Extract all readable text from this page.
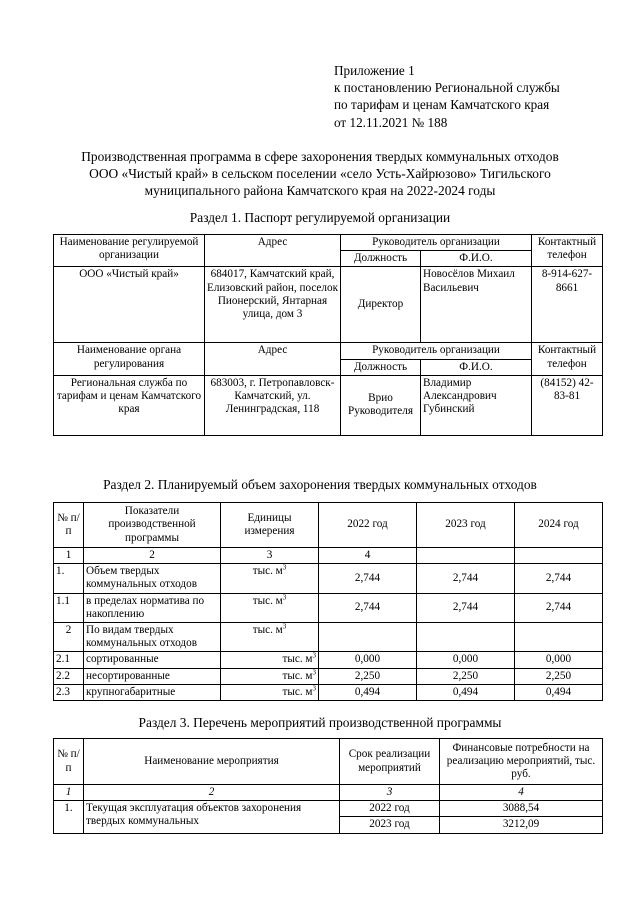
Приложение 1
к постановлению Региональной службы
по тарифам и ценам Камчатского края
от 12.11.2021 № 188
Производственная программа в сфере захоронения твердых коммунальных отходов
ООО «Чистый край» в сельском поселении «село Усть-Хайрюзово» Тигильского
муниципального района Камчатского края на 2022-2024 годы
Раздел 1. Паспорт регулируемой организации
Наименование регулируемой организации	Адрес	Руководитель организации		Контактный телефон
		Должность	Ф.И.О.	
ООО «Чистый край»	684017, Камчатский край, Елизовский район, поселок Пионерский, Янтарная улица, дом 3	Директор	Новосёлов Михаил Васильевич	8-914-627-8661
Наименование органа регулирования	Адрес	Руководитель организации		Контактный телефон
		Должность	Ф.И.О.	
Региональная служба по тарифам и ценам Камчатского края	683003, г. Петропавловск-Камчатский, ул. Ленинградская, 118	Врио Руководителя	Владимир Александрович Губинский	(84152) 42-83-81
Раздел 2. Планируемый объем захоронения твердых коммунальных отходов
№ п/п	Показатели производственной программы	Единицы измерения	2022 год	2023 год	2024 год
1	2	3	4		
1.	Объем твердых коммунальных отходов	тыс. $м^3$	2,744	2,744	2,744
1.1	в пределах норматива по накоплению	тыс. $м^3$	2,744	2,744	2,744
2	По видам твердых коммунальных отходов	тыс. $м^3$			
2.1	сортированные	тыс. $м^3$	0,000	0,000	0,000
2.2	несортированные	тыс. $м^3$	2,250	2,250	2,250
2.3	крупногабаритные	тыс. $м^3$	0,494	0,494	0,494
Раздел 3. Перечень мероприятий производственной программы
№ п/п	Наименование мероприятия	Срок реализации мероприятий	Финансовые потребности на реализацию мероприятий, тыс. руб.
1	2	3	4
1.	Текущая эксплуатация объектов захоронения твердых коммунальных	2022 год	3088,54
		2023 год	3212,09
